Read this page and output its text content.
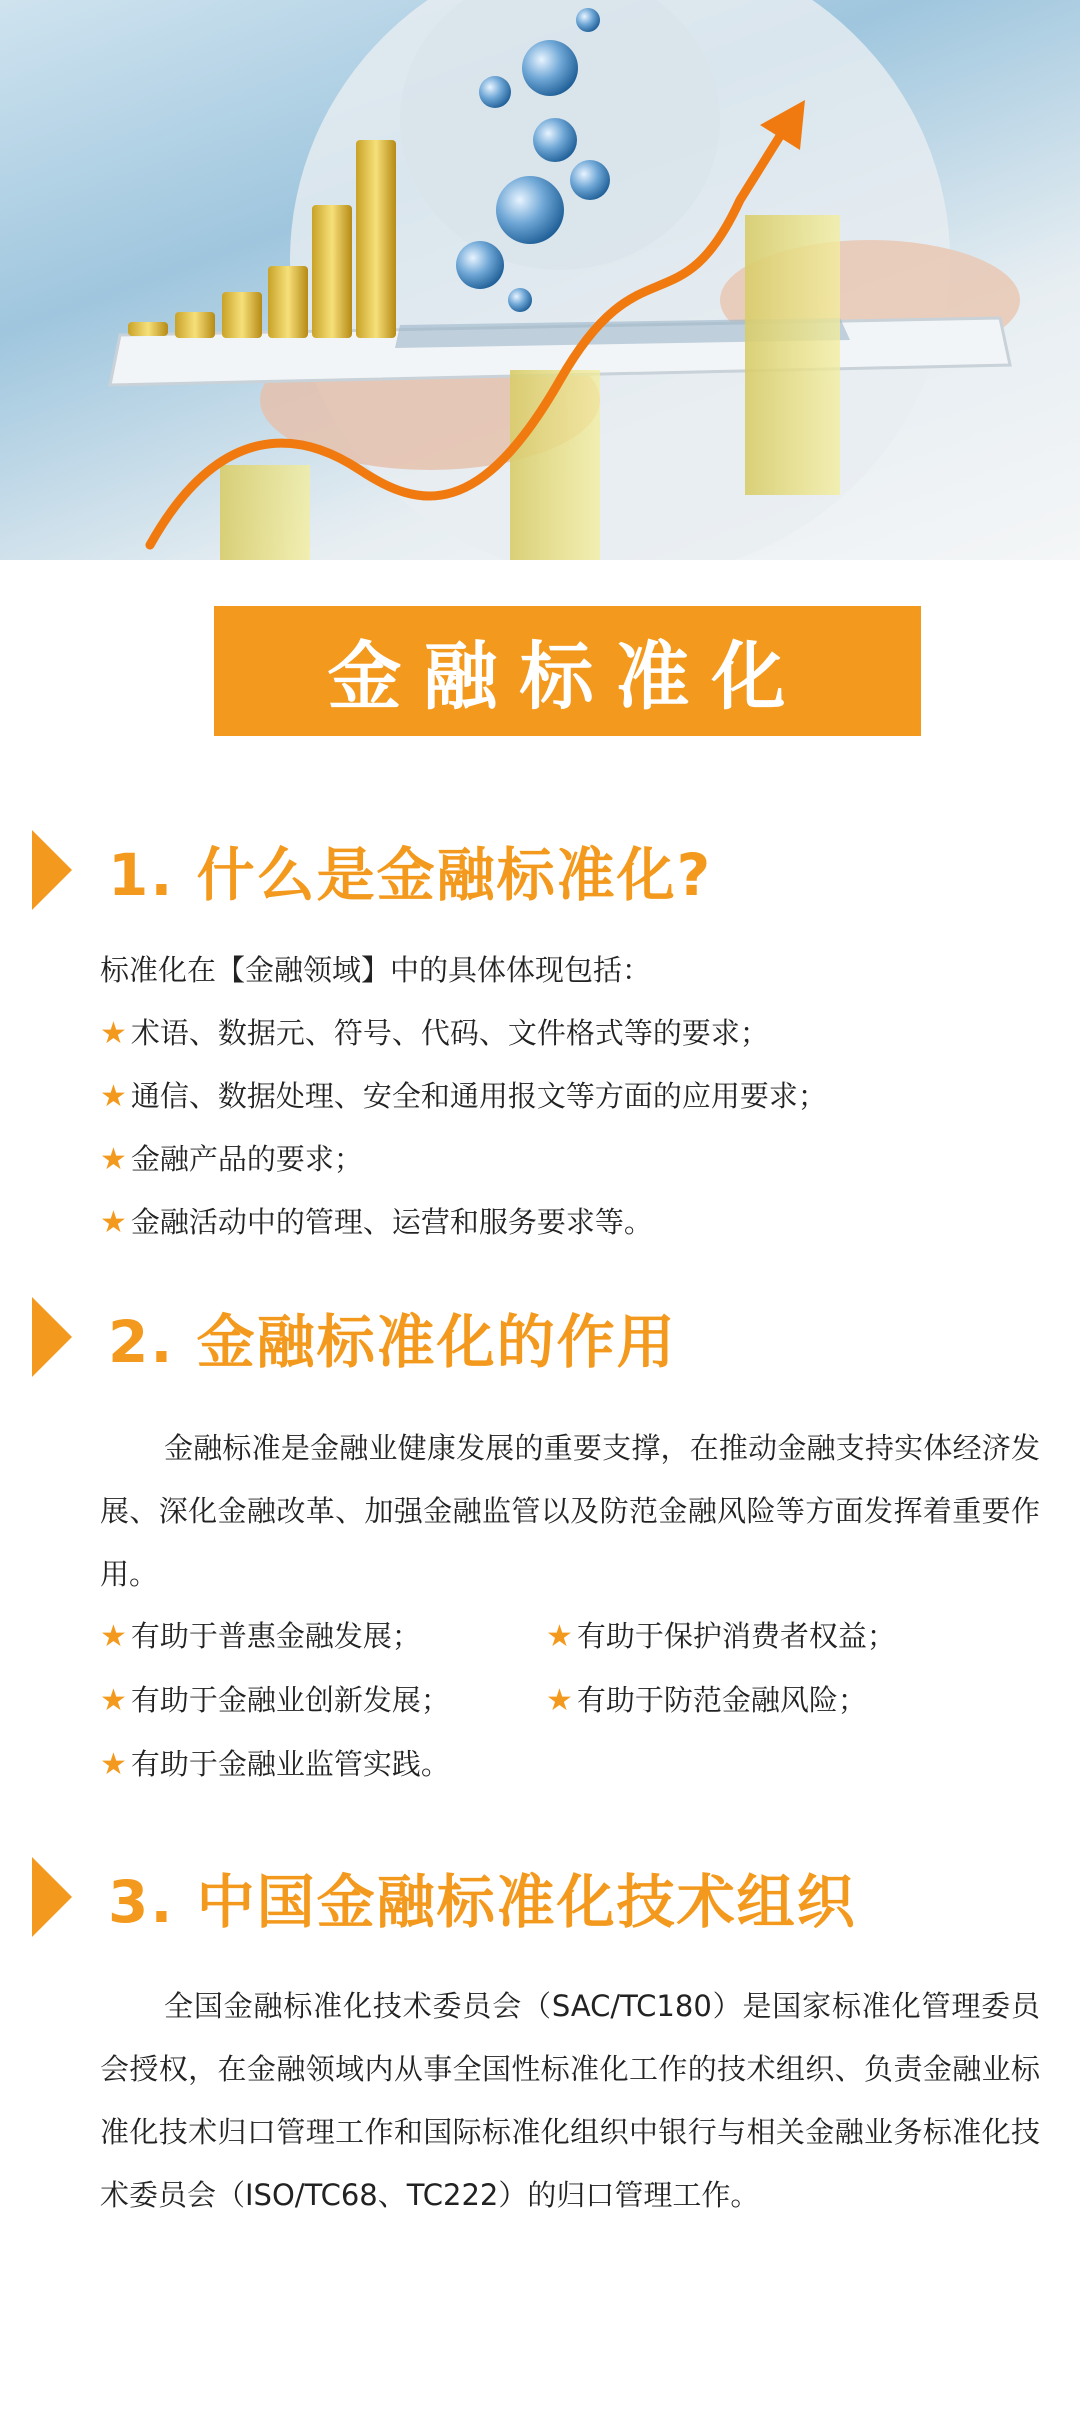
金融标准化
1. 什么是金融标准化?
标准化在【金融领域】中的具体体现包括：
★ 术语、数据元、符号、代码、文件格式等的要求；
★ 通信、数据处理、安全和通用报文等方面的应用要求；
★ 金融产品的要求；
★ 金融活动中的管理、运营和服务要求等。
2. 金融标准化的作用
金融标准是金融业健康发展的重要支撑，在推动金融支持实体经济发展、深化金融改革、加强金融监管以及防范金融风险等方面发挥着重要作用。
★ 有助于普惠金融发展；	★ 有助于保护消费者权益；
★ 有助于金融业创新发展；	★ 有助于防范金融风险；
★ 有助于金融业监管实践。
3. 中国金融标准化技术组织
全国金融标准化技术委员会（SAC/TC180）是国家标准化管理委员会授权，在金融领域内从事全国性标准化工作的技术组织、负责金融业标准化技术归口管理工作和国际标准化组织中银行与相关金融业务标准化技术委员会（ISO/TC68、TC222）的归口管理工作。
